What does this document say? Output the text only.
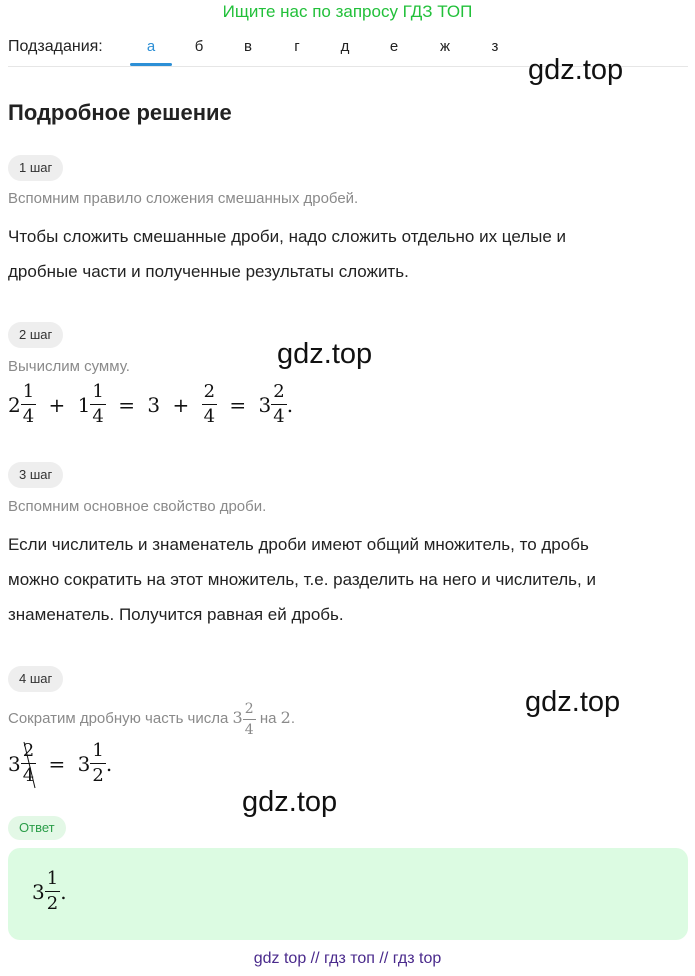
Ищите нас по запросу ГДЗ ТОП
Подзадания:	а	б	в	г	д	е	ж	з
gdz.top
gdz.top
gdz.top
gdz.top
Подробное решение
1 шаг
Вспомним правило сложения смешанных дробей.
Чтобы сложить смешанные дроби, надо сложить отдельно их целые и
дробные части и полученные результаты сложить.
2 шаг
Вычислим сумму.
$2 \frac{1}{4} + 1 \frac{1}{4} = 3 + \frac{2}{4} = 3 \frac{2}{4}$ .
3 шаг
Вспомним основное свойство дроби.
Если числитель и знаменатель дроби имеют общий множитель, то дробь
можно сократить на этот множитель, т.е. разделить на него и числитель, и
знаменатель. Получится равная ей дробь.
4 шаг
Сократим дробную часть числа $3 \frac{2}{4}$ на 2.
$3 \frac{2}{4} = 3 \frac{1}{2}$ .
Ответ
$3 \frac{1}{2}$ .
gdz top // гдз топ // гдз top
